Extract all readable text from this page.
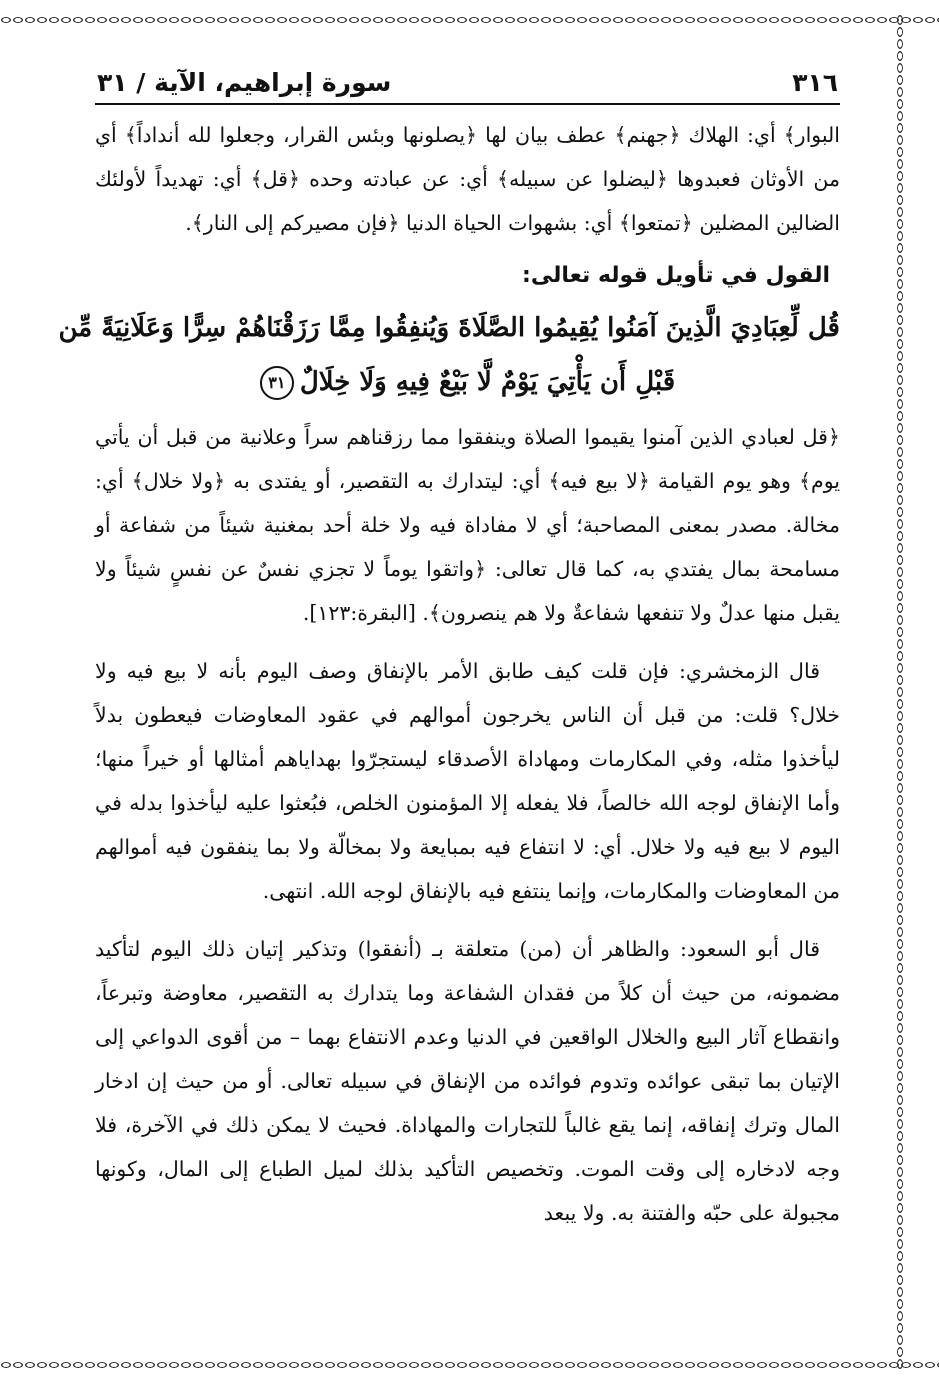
٣١٦
سورة إبراهيم، الآية / ٣١

البوار﴾ أي: الهلاك ﴿جهنم﴾ عطف بيان لها ﴿يصلونها وبئس القرار، وجعلوا لله أنداداً﴾ أي من الأوثان فعبدوها ﴿ليضلوا عن سبيله﴾ أي: عن عبادته وحده ﴿قل﴾ أي: تهديداً لأولئك الضالين المضلين ﴿تمتعوا﴾ أي: بشهوات الحياة الدنيا ﴿فإن مصيركم إلى النار﴾.

القول في تأويل قوله تعالى:
قُل لِّعِبَادِيَ الَّذِينَ آمَنُوا يُقِيمُوا الصَّلَاةَ وَيُنفِقُوا مِمَّا رَزَقْنَاهُمْ سِرًّا وَعَلَانِيَةً مِّن
قَبْلِ أَن يَأْتِيَ يَوْمٌ لَّا بَيْعٌ فِيهِ وَلَا خِلَالٌ٣١

﴿قل لعبادي الذين آمنوا يقيموا الصلاة وينفقوا مما رزقناهم سراً وعلانية من قبل أن يأتي يوم﴾ وهو يوم القيامة ﴿لا بيع فيه﴾ أي: ليتدارك به التقصير، أو يفتدى به ﴿ولا خلال﴾ أي: مخالة. مصدر بمعنى المصاحبة؛ أي لا مفاداة فيه ولا خلة أحد بمغنية شيئاً من شفاعة أو مسامحة بمال يفتدي به، كما قال تعالى: ﴿واتقوا يوماً لا تجزي نفسٌ عن نفسٍ شيئاً ولا يقبل منها عدلٌ ولا تنفعها شفاعةٌ ولا هم ينصرون﴾. [البقرة:١٢٣].

قال الزمخشري: فإن قلت كيف طابق الأمر بالإنفاق وصف اليوم بأنه لا بيع فيه ولا خلال؟ قلت: من قبل أن الناس يخرجون أموالهم في عقود المعاوضات فيعطون بدلاً ليأخذوا مثله، وفي المكارمات ومهاداة الأصدقاء ليستجرّوا بهداياهم أمثالها أو خيراً منها؛ وأما الإنفاق لوجه الله خالصاً، فلا يفعله إلا المؤمنون الخلص، فبُعثوا عليه ليأخذوا بدله في اليوم لا بيع فيه ولا خلال. أي: لا انتفاع فيه بمبايعة ولا بمخالّة ولا بما ينفقون فيه أموالهم من المعاوضات والمكارمات، وإنما ينتفع فيه بالإنفاق لوجه الله. انتهى.

قال أبو السعود: والظاهر أن (من) متعلقة بـ (أنفقوا) وتذكير إتيان ذلك اليوم لتأكيد مضمونه، من حيث أن كلاً من فقدان الشفاعة وما يتدارك به التقصير، معاوضة وتبرعاً، وانقطاع آثار البيع والخلال الواقعين في الدنيا وعدم الانتفاع بهما – من أقوى الدواعي إلى الإتيان بما تبقى عوائده وتدوم فوائده من الإنفاق في سبيله تعالى. أو من حيث إن ادخار المال وترك إنفاقه، إنما يقع غالباً للتجارات والمهاداة. فحيث لا يمكن ذلك في الآخرة، فلا وجه لادخاره إلى وقت الموت. وتخصيص التأكيد بذلك لميل الطباع إلى المال، وكونها مجبولة على حبّه والفتنة به. ولا يبعد
